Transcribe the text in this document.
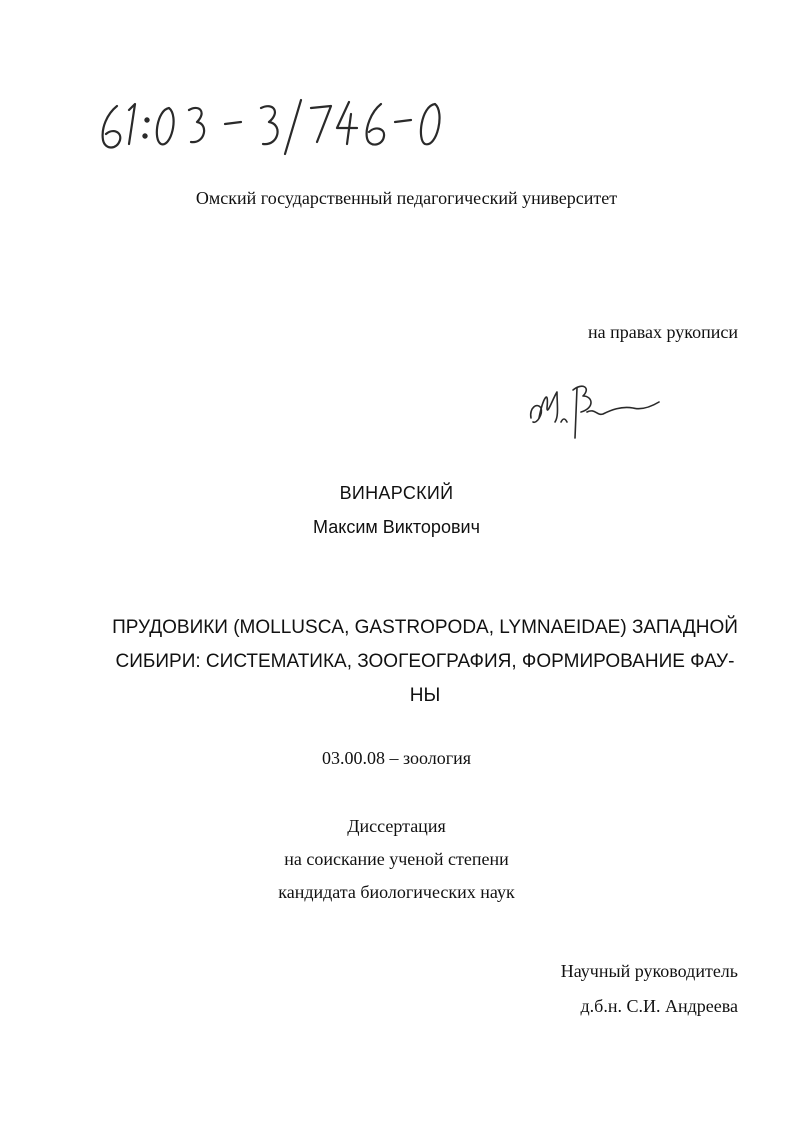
Омский государственный педагогический университет
на правах рукописи
ВИНАРСКИЙ
Максим Викторович
ПРУДОВИКИ (MOLLUSCA, GASTROPODA, LYMNAEIDAE) ЗАПАДНОЙ
СИБИРИ: СИСТЕМАТИКА, ЗООГЕОГРАФИЯ, ФОРМИРОВАНИЕ ФАУ-
НЫ
03.00.08 – зоология
Диссертация
на соискание ученой степени
кандидата биологических наук
Научный руководитель
д.б.н. С.И. Андреева
